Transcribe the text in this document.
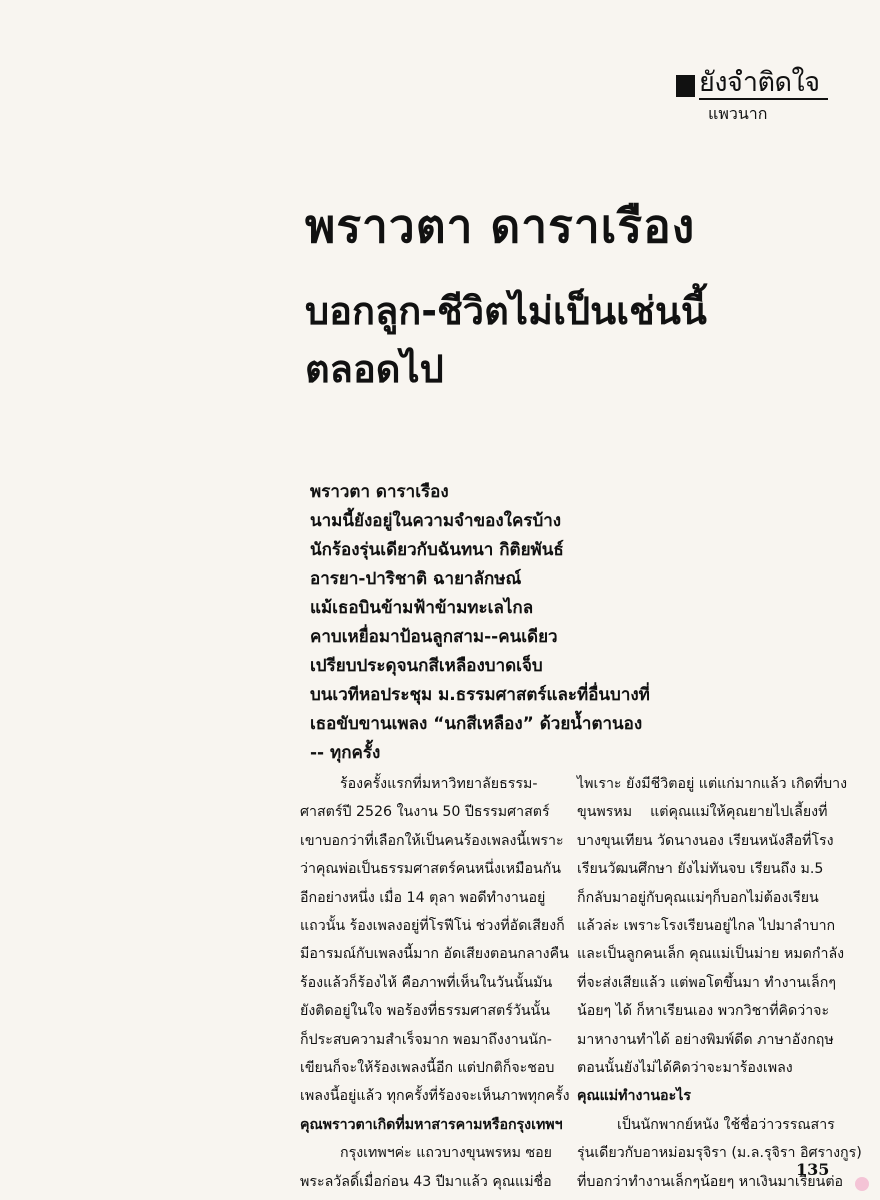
ยังจำติดใจ
แพวนาก
พราวตา ดาราเรือง
บอกลูก-ชีวิตไม่เป็นเช่นนี้
ตลอดไป
พราวตา ดาราเรือง
นามนี้ยังอยู่ในความจำของใครบ้าง
นักร้องรุ่นเดียวกับฉันทนา กิติยพันธ์
อารยา-ปาริชาติ ฉายาลักษณ์
แม้เธอบินข้ามฟ้าข้ามทะเลไกล
คาบเหยื่อมาป้อนลูกสาม--คนเดียว
เปรียบประดุจนกสีเหลืองบาดเจ็บ
บนเวทีหอประชุม ม.ธรรมศาสตร์และที่อื่นบางที่
เธอขับขานเพลง “นกสีเหลือง” ด้วยน้ำตานอง
-- ทุกครั้ง
ร้องครั้งแรกที่มหาวิทยาลัยธรรม-
ศาสตร์ปี 2526 ในงาน 50 ปีธรรมศาสตร์
เขาบอกว่าที่เลือกให้เป็นคนร้องเพลงนี้เพราะ
ว่าคุณพ่อเป็นธรรมศาสตร์คนหนึ่งเหมือนกัน
อีกอย่างหนึ่ง เมื่อ 14 ตุลา พอดีทำงานอยู่
แถวนั้น ร้องเพลงอยู่ที่โรฟีโน่ ช่วงที่อัดเสียงก็
มีอารมณ์กับเพลงนี้มาก อัดเสียงตอนกลางคืน
ร้องแล้วก็ร้องไห้ คือภาพที่เห็นในวันนั้นมัน
ยังติดอยู่ในใจ พอร้องที่ธรรมศาสตร์วันนั้น
ก็ประสบความสำเร็จมาก พอมาถึงงานนัก-
เขียนก็จะให้ร้องเพลงนี้อีก แต่ปกติก็จะชอบ
เพลงนี้อยู่แล้ว ทุกครั้งที่ร้องจะเห็นภาพทุกครั้ง
คุณพราวตาเกิดที่มหาสารคามหรือกรุงเทพฯ
กรุงเทพฯค่ะ แถวบางขุนพรหม ซอย
พระลวัลดิ์เมื่อก่อน 43 ปีมาแล้ว คุณแม่ชื่อ
ไพเราะ ยังมีชีวิตอยู่ แต่แก่มากแล้ว เกิดที่บาง
ขุนพรหม    แต่คุณแม่ให้คุณยายไปเลี้ยงที่
บางขุนเทียน วัดนางนอง เรียนหนังสือที่โรง
เรียนวัฒนศึกษา ยังไม่ทันจบ เรียนถึง ม.5
ก็กลับมาอยู่กับคุณแม่ๆก็บอกไม่ต้องเรียน
แล้วล่ะ เพราะโรงเรียนอยู่ไกล ไปมาลำบาก
และเป็นลูกคนเล็ก คุณแม่เป็นม่าย หมดกำลัง
ที่จะส่งเสียแล้ว แต่พอโตขึ้นมา ทำงานเล็กๆ
น้อยๆ ได้ ก็หาเรียนเอง พวกวิชาที่คิดว่าจะ
มาหางานทำได้ อย่างพิมพ์ดีด ภาษาอังกฤษ
ตอนนั้นยังไม่ได้คิดว่าจะมาร้องเพลง
คุณแม่ทำงานอะไร
เป็นนักพากย์หนัง ใช้ชื่อว่าวรรณสาร
รุ่นเดียวกับอาหม่อมรุจิรา (ม.ล.รุจิรา อิศรางกูร)
ที่บอกว่าทำงานเล็กๆน้อยๆ หาเงินมาเรียนต่อ
135
